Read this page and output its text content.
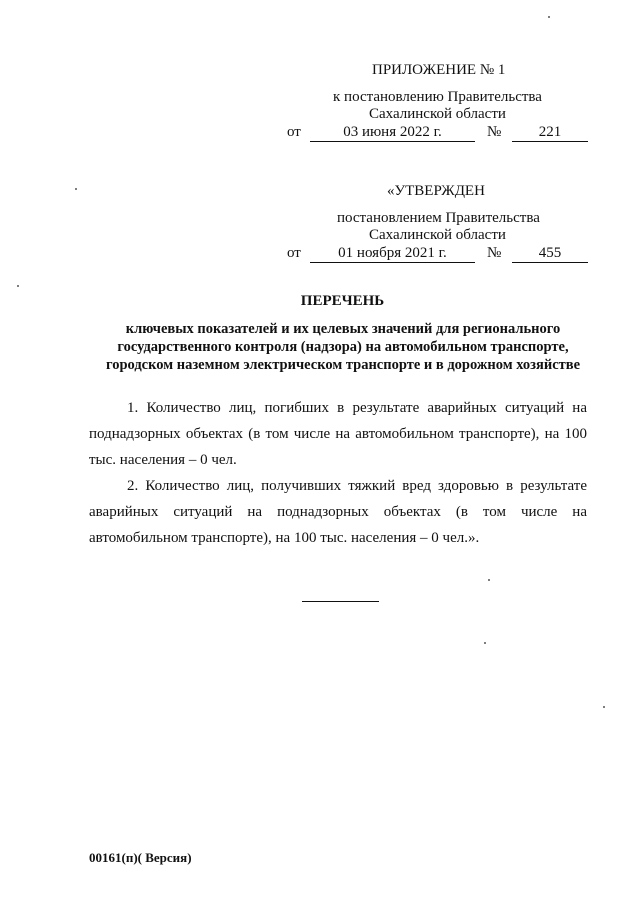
ПРИЛОЖЕНИЕ № 1
к постановлению Правительства
Сахалинской области
от	03 июня 2022 г.	№	221
«УТВЕРЖДЕН
постановлением Правительства
Сахалинской области
от	01 ноября 2021 г.	№	455
ПЕРЕЧЕНЬ
ключевых показателей и их целевых значений для регионального
государственного контроля (надзора) на автомобильном транспорте,
городском наземном электрическом транспорте и в дорожном хозяйстве
1. Количество лиц, погибших в результате аварийных ситуаций на
поднадзорных объектах (в том числе на автомобильном транспорте), на 100
тыс. населения – 0 чел.
2. Количество лиц, получивших тяжкий вред здоровью в результате
аварийных ситуаций на поднадзорных объектах (в том числе на
автомобильном транспорте), на 100 тыс. населения – 0 чел.».
00161(п)( Версия)
